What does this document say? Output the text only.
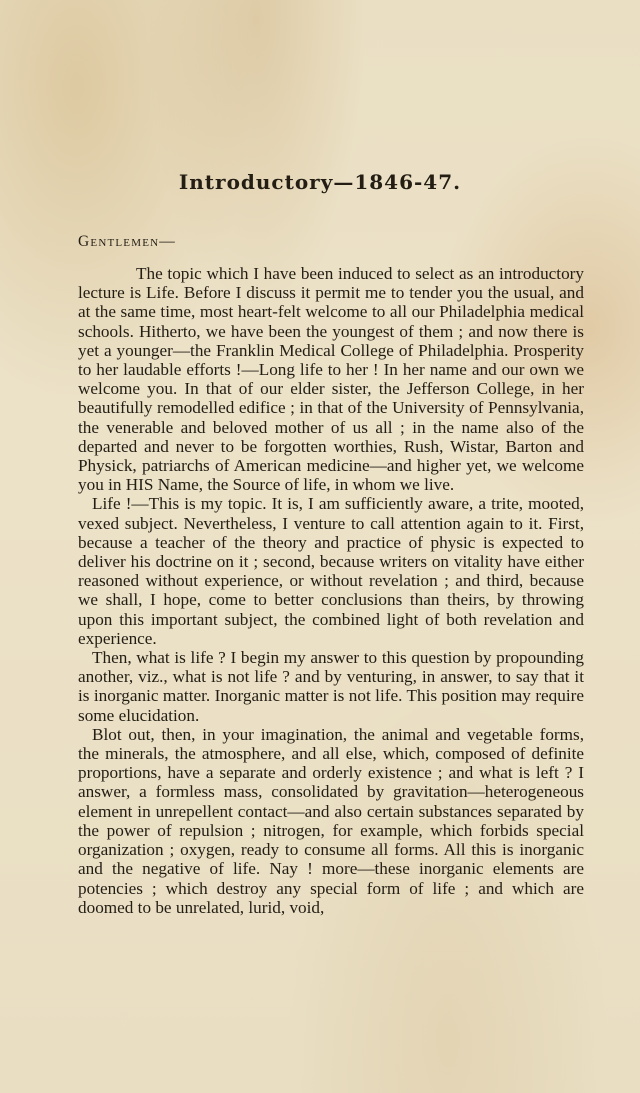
Introductory—1846-47.
Gentlemen—

The topic which I have been induced to select as an introductory lecture is Life. Before I discuss it permit me to tender you the usual, and at the same time, most heart-felt welcome to all our Philadelphia medical schools. Hitherto, we have been the youngest of them ; and now there is yet a younger—the Franklin Medical College of Philadelphia. Prosperity to her laudable efforts !—Long life to her ! In her name and our own we welcome you. In that of our elder sister, the Jefferson College, in her beautifully remodelled edifice ; in that of the University of Pennsylvania, the venerable and beloved mother of us all ; in the name also of the departed and never to be forgotten worthies, Rush, Wistar, Barton and Physick, patriarchs of American medicine—and higher yet, we welcome you in HIS Name, the Source of life, in whom we live.

Life !—This is my topic. It is, I am sufficiently aware, a trite, mooted, vexed subject. Nevertheless, I venture to call attention again to it. First, because a teacher of the theory and practice of physic is expected to deliver his doctrine on it ; second, because writers on vitality have either reasoned without experience, or without revelation ; and third, because we shall, I hope, come to better conclusions than theirs, by throwing upon this important subject, the combined light of both revelation and experience.

Then, what is life ? I begin my answer to this question by propounding another, viz., what is not life ? and by venturing, in answer, to say that it is inorganic matter. Inorganic matter is not life. This position may require some elucidation.

Blot out, then, in your imagination, the animal and vegetable forms, the minerals, the atmosphere, and all else, which, composed of definite proportions, have a separate and orderly existence ; and what is left ? I answer, a formless mass, consolidated by gravitation—heterogeneous element in unrepellent contact—and also certain substances separated by the power of repulsion ; nitrogen, for example, which forbids special organization ; oxygen, ready to consume all forms. All this is inorganic and the negative of life. Nay ! more—these inorganic elements are potencies ; which destroy any special form of life ; and which are doomed to be unrelated, lurid, void,
